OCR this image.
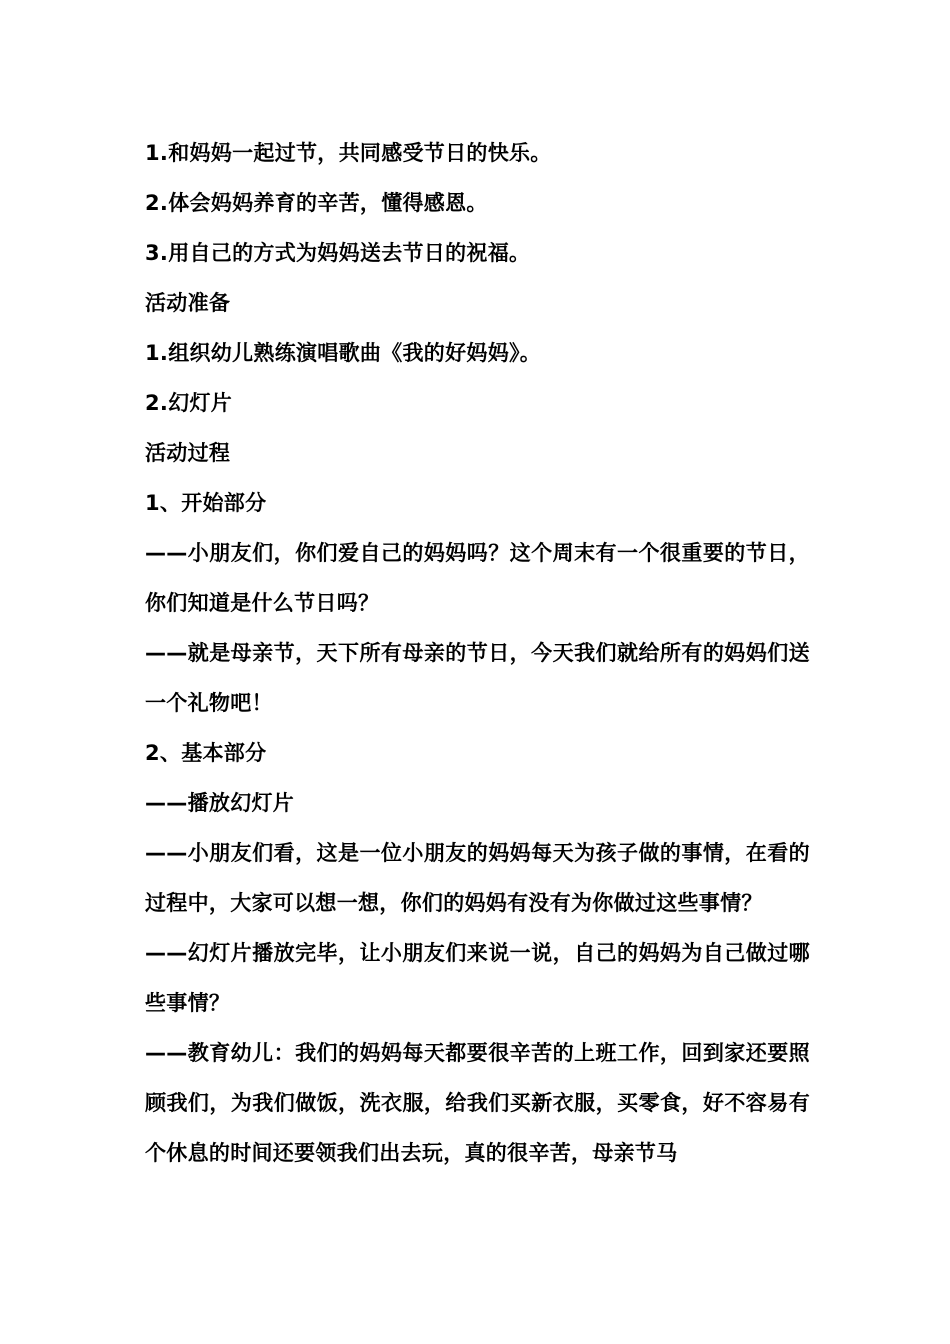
1.和妈妈一起过节，共同感受节日的快乐。
2.体会妈妈养育的辛苦，懂得感恩。
3.用自己的方式为妈妈送去节日的祝福。
活动准备
1.组织幼儿熟练演唱歌曲《我的好妈妈》。
2.幻灯片
活动过程
1、开始部分
——小朋友们，你们爱自己的妈妈吗？这个周末有一个很重要的节日，你们知道是什么节日吗？
——就是母亲节，天下所有母亲的节日，今天我们就给所有的妈妈们送一个礼物吧！
2、基本部分
——播放幻灯片
——小朋友们看，这是一位小朋友的妈妈每天为孩子做的事情，在看的过程中，大家可以想一想，你们的妈妈有没有为你做过这些事情？
——幻灯片播放完毕，让小朋友们来说一说，自己的妈妈为自己做过哪些事情？
——教育幼儿：我们的妈妈每天都要很辛苦的上班工作，回到家还要照顾我们，为我们做饭，洗衣服，给我们买新衣服，买零食，好不容易有个休息的时间还要领我们出去玩，真的很辛苦，母亲节马
